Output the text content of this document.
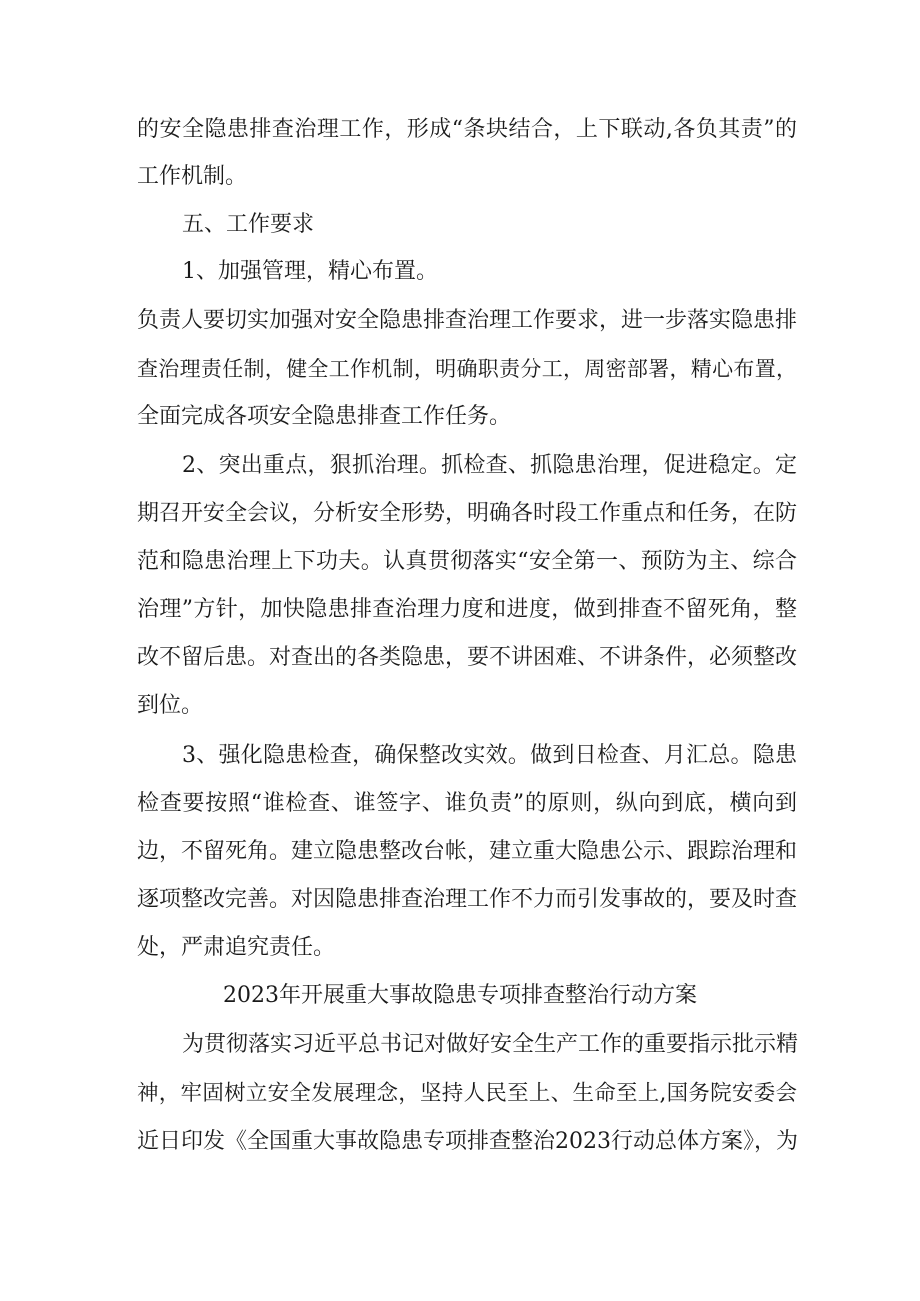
的安全隐患排查治理工作，形成“条块结合，上下联动,各负其责”的
工作机制。
五、工作要求
1、加强管理，精心布置。
负责人要切实加强对安全隐患排查治理工作要求，进一步落实隐患排
查治理责任制，健全工作机制，明确职责分工，周密部署，精心布置，
全面完成各项安全隐患排查工作任务。
2、突出重点，狠抓治理。抓检查、抓隐患治理，促进稳定。定
期召开安全会议，分析安全形势，明确各时段工作重点和任务，在防
范和隐患治理上下功夫。认真贯彻落实“安全第一、预防为主、综合
治理”方针，加快隐患排查治理力度和进度，做到排查不留死角，整
改不留后患。对查出的各类隐患，要不讲困难、不讲条件，必须整改
到位。
3、强化隐患检查，确保整改实效。做到日检查、月汇总。隐患
检查要按照“谁检查、谁签字、谁负责”的原则，纵向到底，横向到
边，不留死角。建立隐患整改台帐，建立重大隐患公示、跟踪治理和
逐项整改完善。对因隐患排查治理工作不力而引发事故的，要及时查
处，严肃追究责任。
2023年开展重大事故隐患专项排查整治行动方案
为贯彻落实习近平总书记对做好安全生产工作的重要指示批示精
神，牢固树立安全发展理念，坚持人民至上、生命至上,国务院安委会
近日印发《全国重大事故隐患专项排查整治2023行动总体方案》，为
